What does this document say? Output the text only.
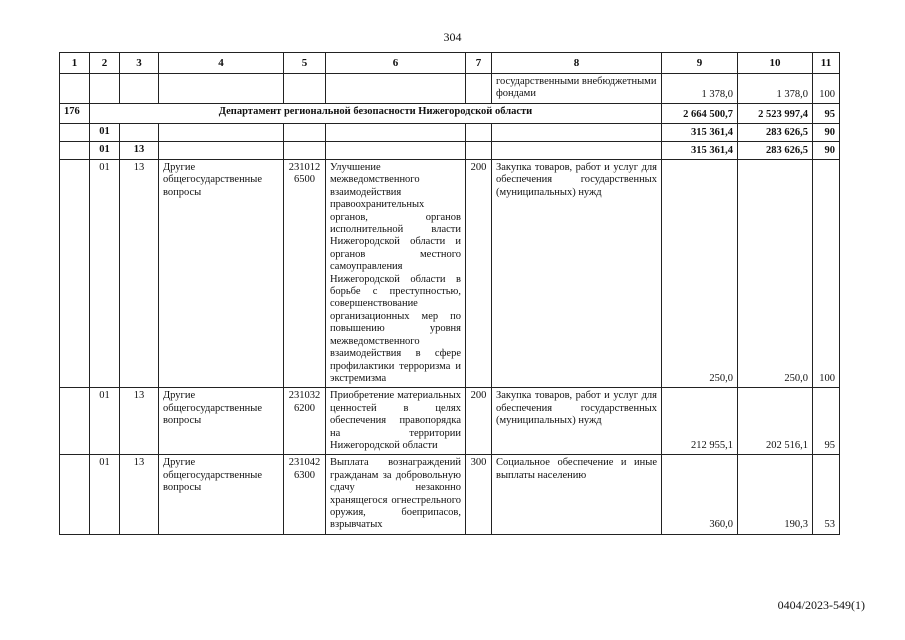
304
1	2	3	4	5	6	7	8	9	10	11
							государственными внебюджетными фондами	1 378,0	1 378,0	100
176	Департамент региональной безопасности Нижегородской области							2 664 500,7	2 523 997,4	95
	01							315 361,4	283 626,5	90
	01	13						315 361,4	283 626,5	90
	01	13	Другие общегосударственные вопросы	231012 6500	Улучшение межведомственного взаимодействия правоохранительных органов, органов исполнительной власти Нижегородской области и органов местного самоуправления Нижегородской области в борьбе с преступностью, совершенствование организационных мер по повышению уровня межведомственного взаимодействия в сфере профилактики терроризма и экстремизма	200	Закупка товаров, работ и услуг для обеспечения государственных (муниципальных) нужд	250,0	250,0	100
	01	13	Другие общегосударственные вопросы	231032 6200	Приобретение материальных ценностей в целях обеспечения правопорядка на территории Нижегородской области	200	Закупка товаров, работ и услуг для обеспечения государственных (муниципальных) нужд	212 955,1	202 516,1	95
	01	13	Другие общегосударственные вопросы	231042 6300	Выплата вознаграждений гражданам за добровольную сдачу незаконно хранящегося огнестрельного оружия, боеприпасов, взрывчатых	300	Социальное обеспечение и иные выплаты населению	360,0	190,3	53
0404/2023-549(1)
